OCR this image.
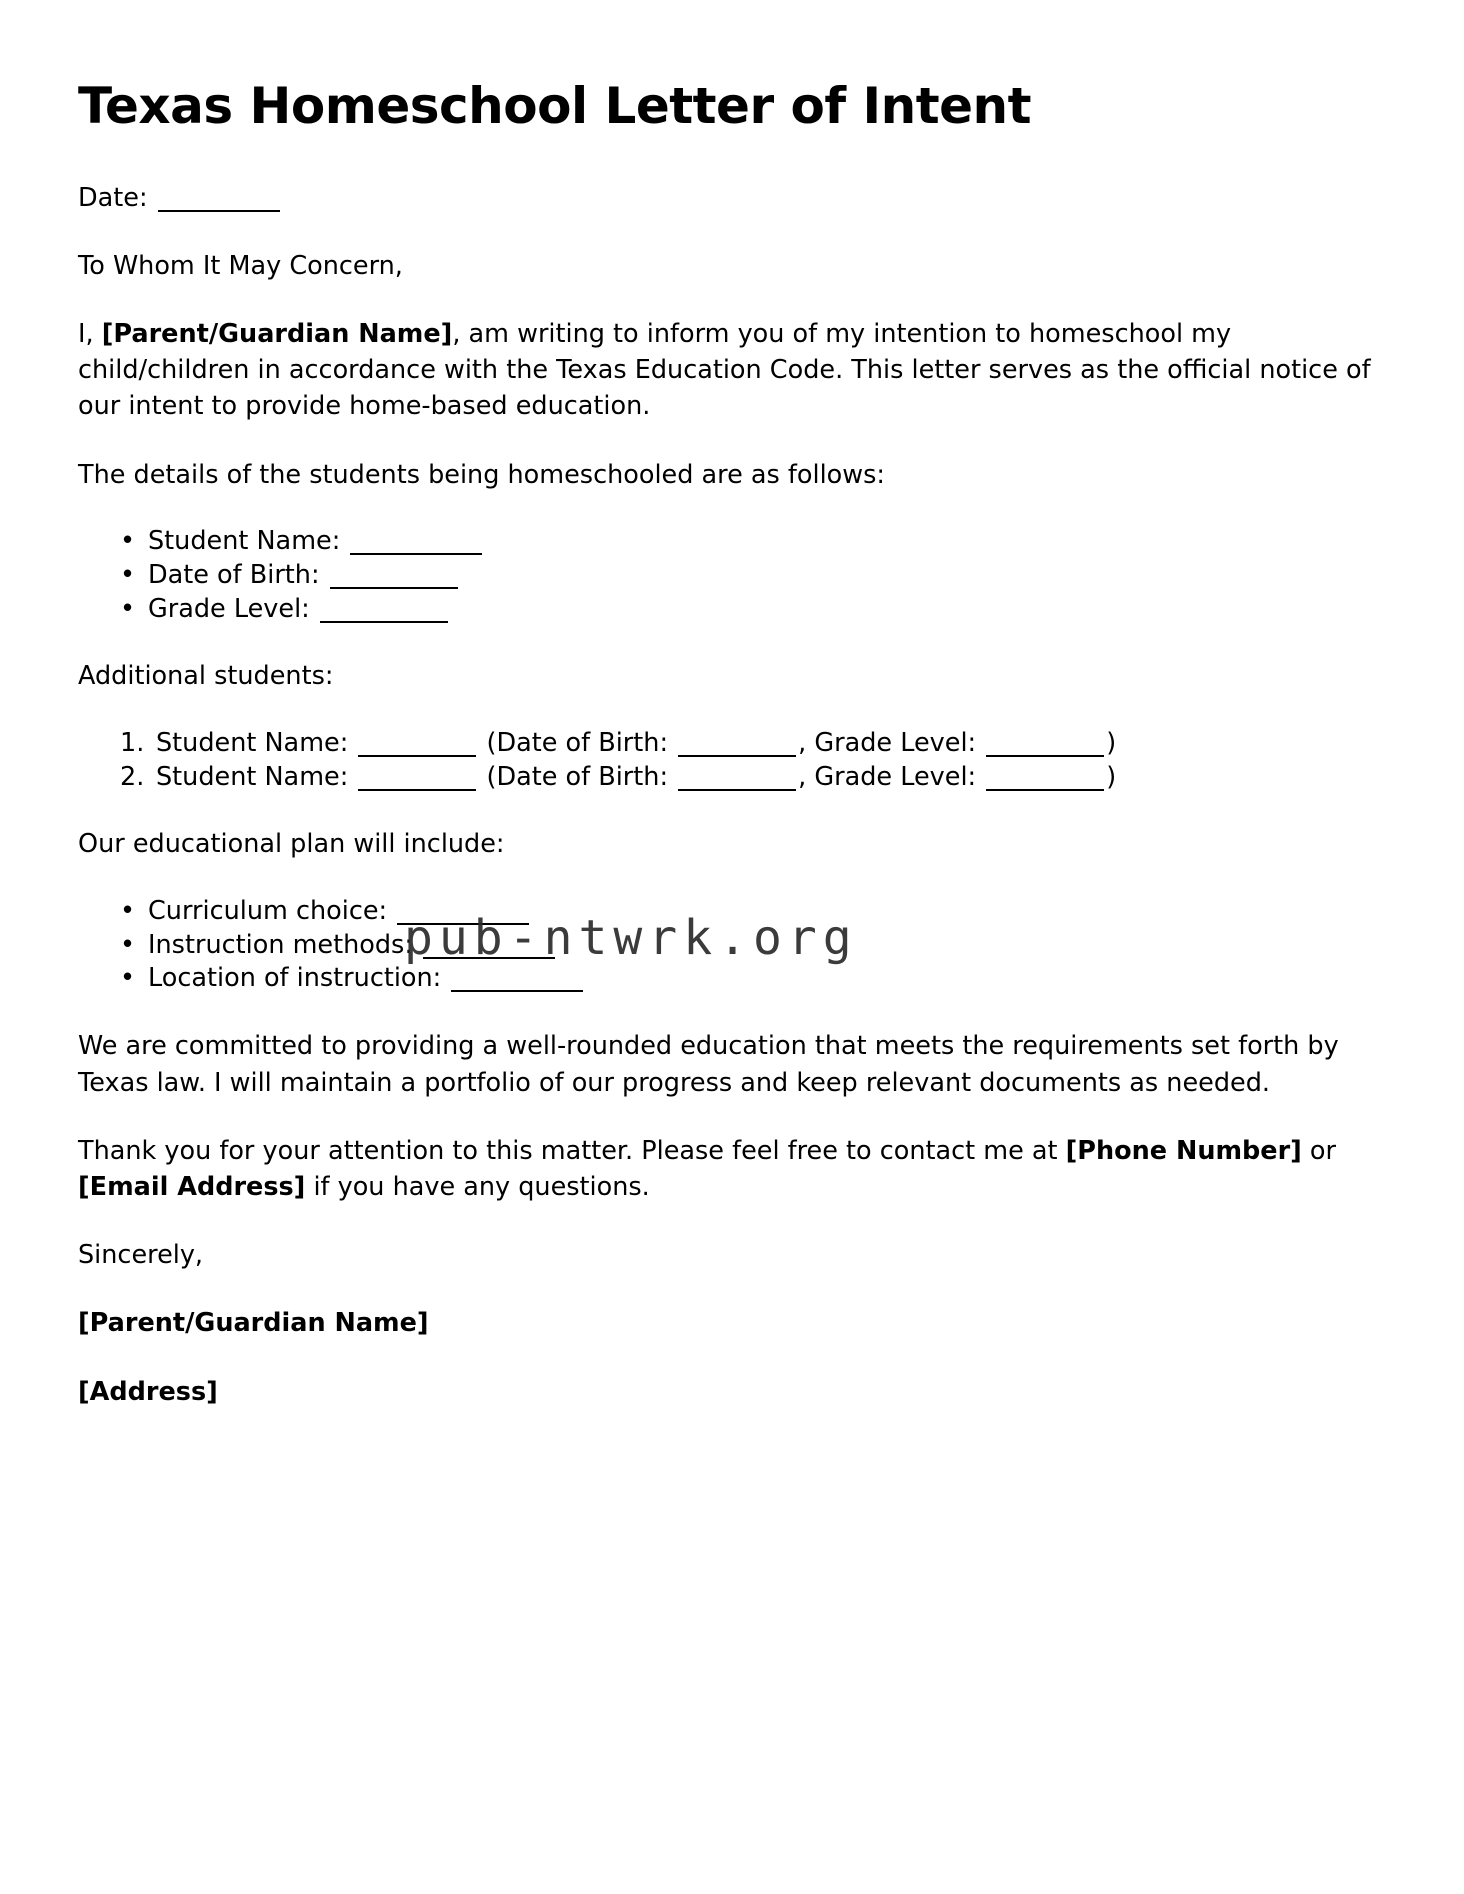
Texas Homeschool Letter of Intent

Date:

To Whom It May Concern,

I, [Parent/Guardian Name], am writing to inform you of my intention to homeschool my child/children in accordance with the Texas Education Code. This letter serves as the official notice of our intent to provide home-based education.

The details of the students being homeschooled are as follows:

• Student Name:
• Date of Birth:
• Grade Level:

Additional students:

Student Name:	(Date of Birth:	, Grade Level:	)
Student Name:	(Date of Birth:	, Grade Level:	)

Our educational plan will include:

• Curriculum choice:
• Instruction methods:
• Location of instruction:

We are committed to providing a well-rounded education that meets the requirements set forth by Texas law. I will maintain a portfolio of our progress and keep relevant documents as needed.

Thank you for your attention to this matter. Please feel free to contact me at [Phone Number] or [Email Address] if you have any questions.

Sincerely,

[Parent/Guardian Name]

[Address]

pub-ntwrk.org
